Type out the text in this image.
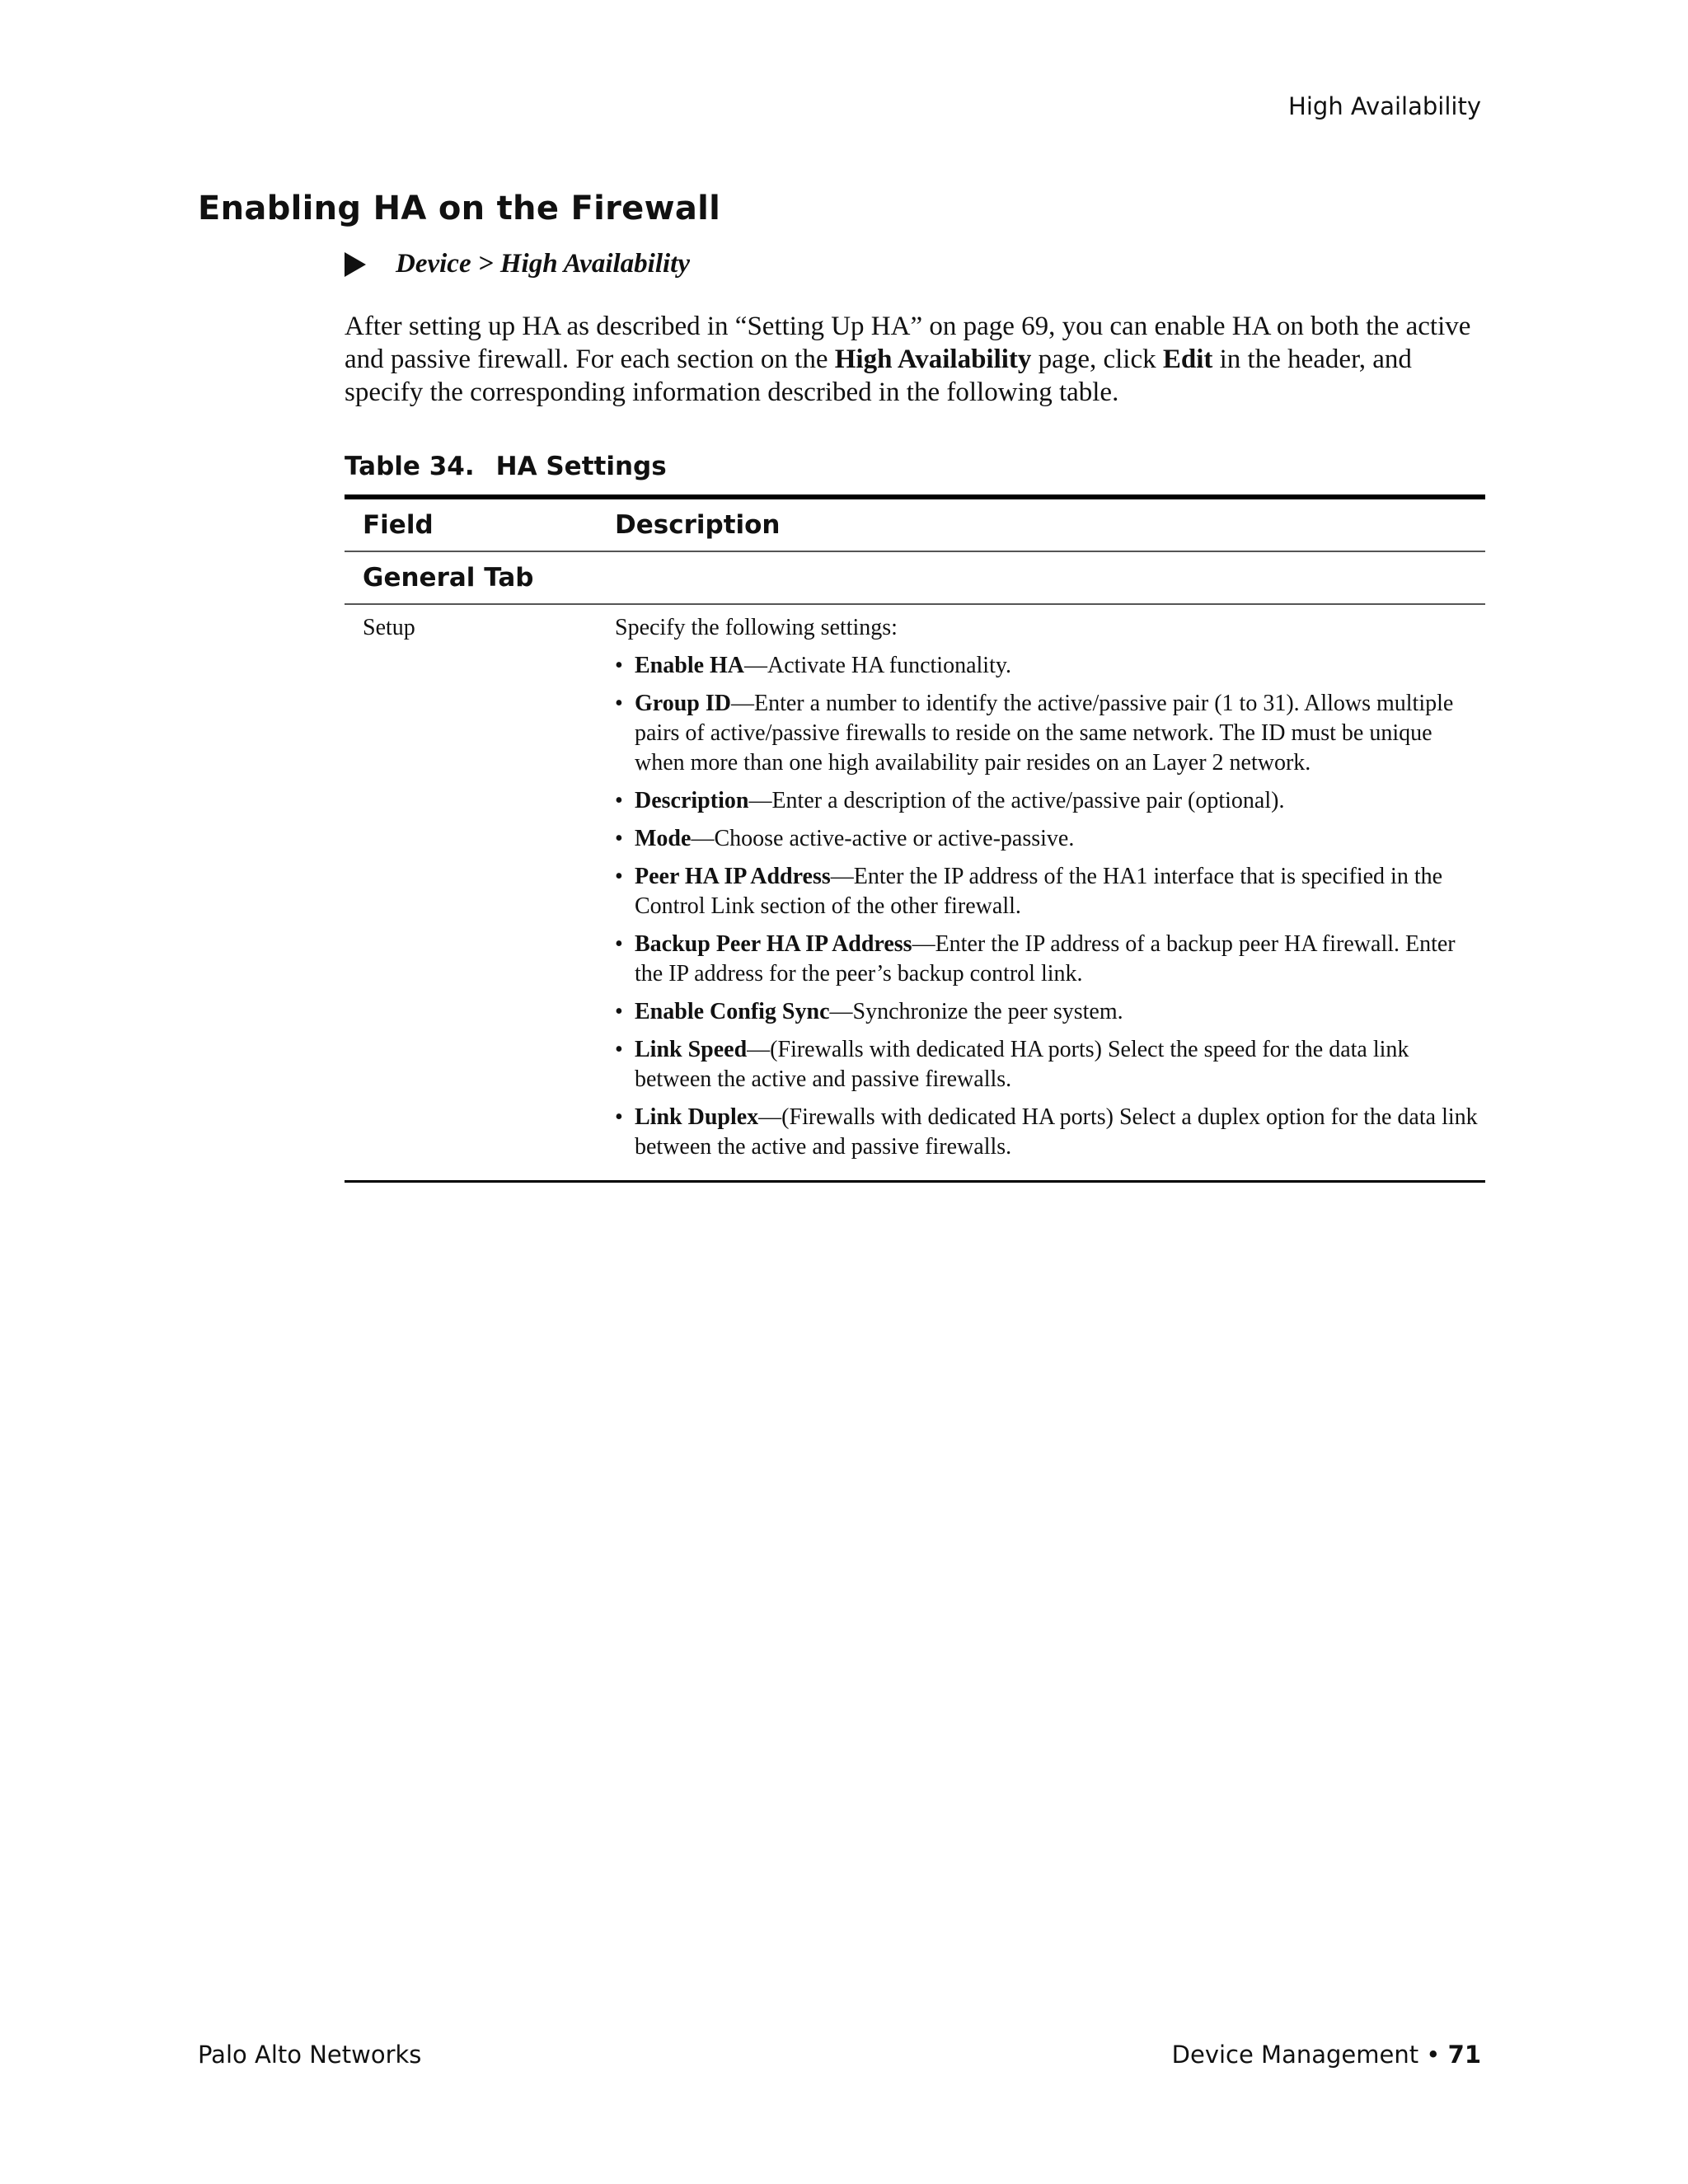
High Availability
Enabling HA on the Firewall
Device > High Availability

After setting up HA as described in “Setting Up HA” on page 69, you can enable HA on both the active and passive firewall. For each section on the High Availability page, click Edit in the header, and specify the corresponding information described in the following table.

Table 34. HA Settings
Field	Description
General Tab
Setup	Specify the following settings:

• Enable HA—Activate HA functionality.
• Group ID—Enter a number to identify the active/passive pair (1 to 31). Allows multiple pairs of active/passive firewalls to reside on the same network. The ID must be unique when more than one high availability pair resides on an Layer 2 network.
• Description—Enter a description of the active/passive pair (optional).
• Mode—Choose active-active or active-passive.
• Peer HA IP Address—Enter the IP address of the HA1 interface that is specified in the Control Link section of the other firewall.
• Backup Peer HA IP Address—Enter the IP address of a backup peer HA firewall. Enter the IP address for the peer’s backup control link.
• Enable Config Sync—Synchronize the peer system.
• Link Speed—(Firewalls with dedicated HA ports) Select the speed for the data link between the active and passive firewalls.
• Link Duplex—(Firewalls with dedicated HA ports) Select a duplex option for the data link between the active and passive firewalls.
Palo Alto Networks	Device Management • 71
